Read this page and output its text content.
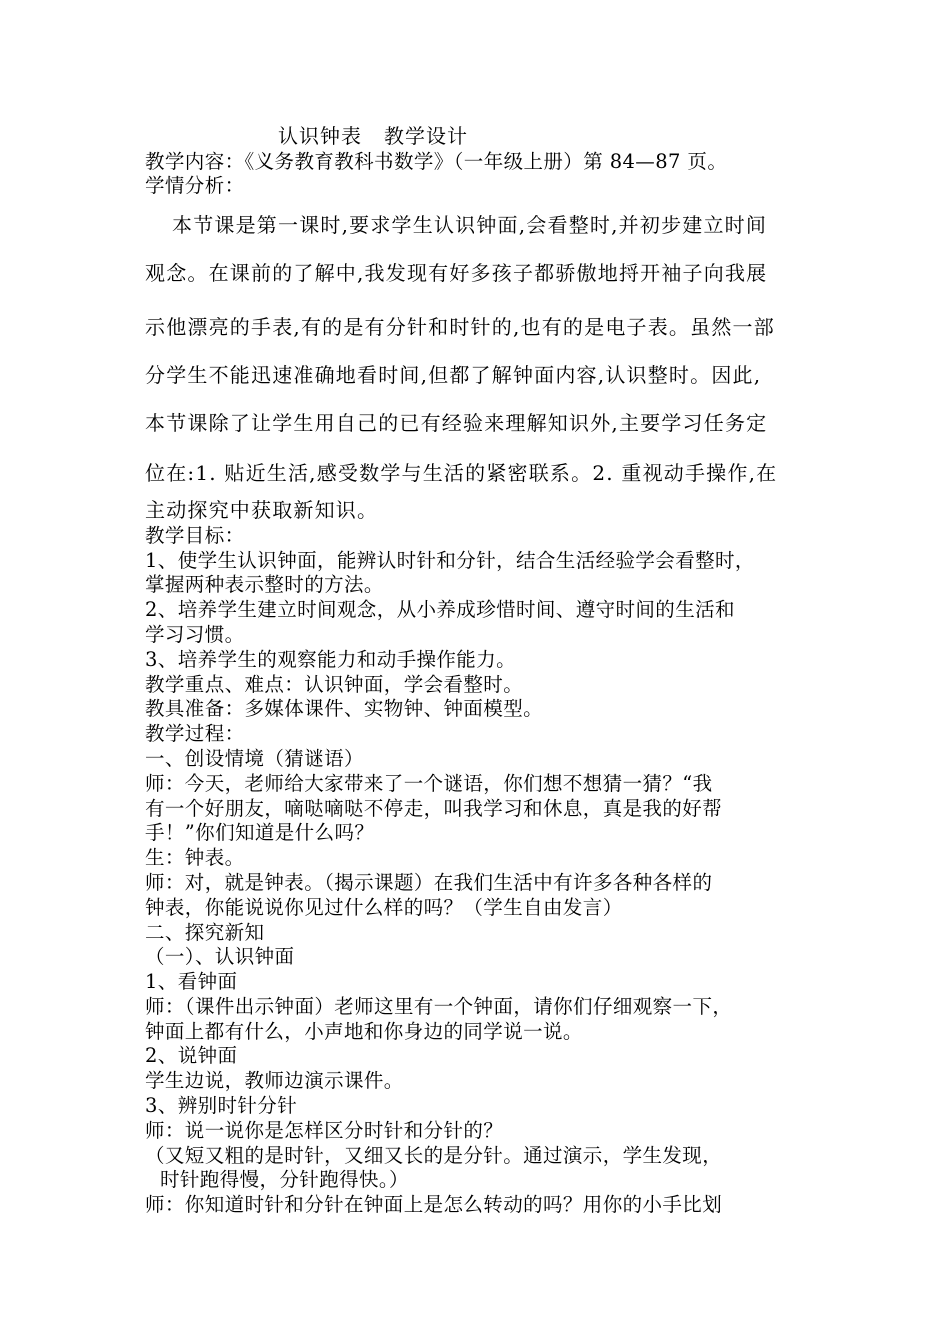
认识钟表 教学设计
教学内容：《义务教育教科书数学》（一年级上册）第 84—87 页。
学情分析：
本节课是第一课时,要求学生认识钟面,会看整时,并初步建立时间
观念。在课前的了解中,我发现有好多孩子都骄傲地捋开袖子向我展
示他漂亮的手表,有的是有分针和时针的,也有的是电子表。虽然一部
分学生不能迅速准确地看时间,但都了解钟面内容,认识整时。因此,
本节课除了让学生用自己的已有经验来理解知识外,主要学习任务定
位在:1. 贴近生活,感受数学与生活的紧密联系。2. 重视动手操作,在
主动探究中获取新知识。
教学目标：
1、使学生认识钟面，能辨认时针和分针，结合生活经验学会看整时，
掌握两种表示整时的方法。
2、培养学生建立时间观念，从小养成珍惜时间、遵守时间的生活和
学习习惯。
3、培养学生的观察能力和动手操作能力。
教学重点、难点：认识钟面，学会看整时。
教具准备：多媒体课件、实物钟、钟面模型。
教学过程：
一、创设情境（猜谜语）
师：今天，老师给大家带来了一个谜语，你们想不想猜一猜？“我
有一个好朋友，嘀哒嘀哒不停走，叫我学习和休息，真是我的好帮
手！”你们知道是什么吗？
生：钟表。
师：对，就是钟表。（揭示课题）在我们生活中有许多各种各样的
钟表，你能说说你见过什么样的吗？（学生自由发言）
二、探究新知
（一）、认识钟面
1、看钟面
师：（课件出示钟面）老师这里有一个钟面，请你们仔细观察一下，
钟面上都有什么，小声地和你身边的同学说一说。
2、说钟面
学生边说，教师边演示课件。
3、辨别时针分针
师：说一说你是怎样区分时针和分针的？
（又短又粗的是时针，又细又长的是分针。通过演示，学生发现，
时针跑得慢，分针跑得快。）
师：你知道时针和分针在钟面上是怎么转动的吗？用你的小手比划
